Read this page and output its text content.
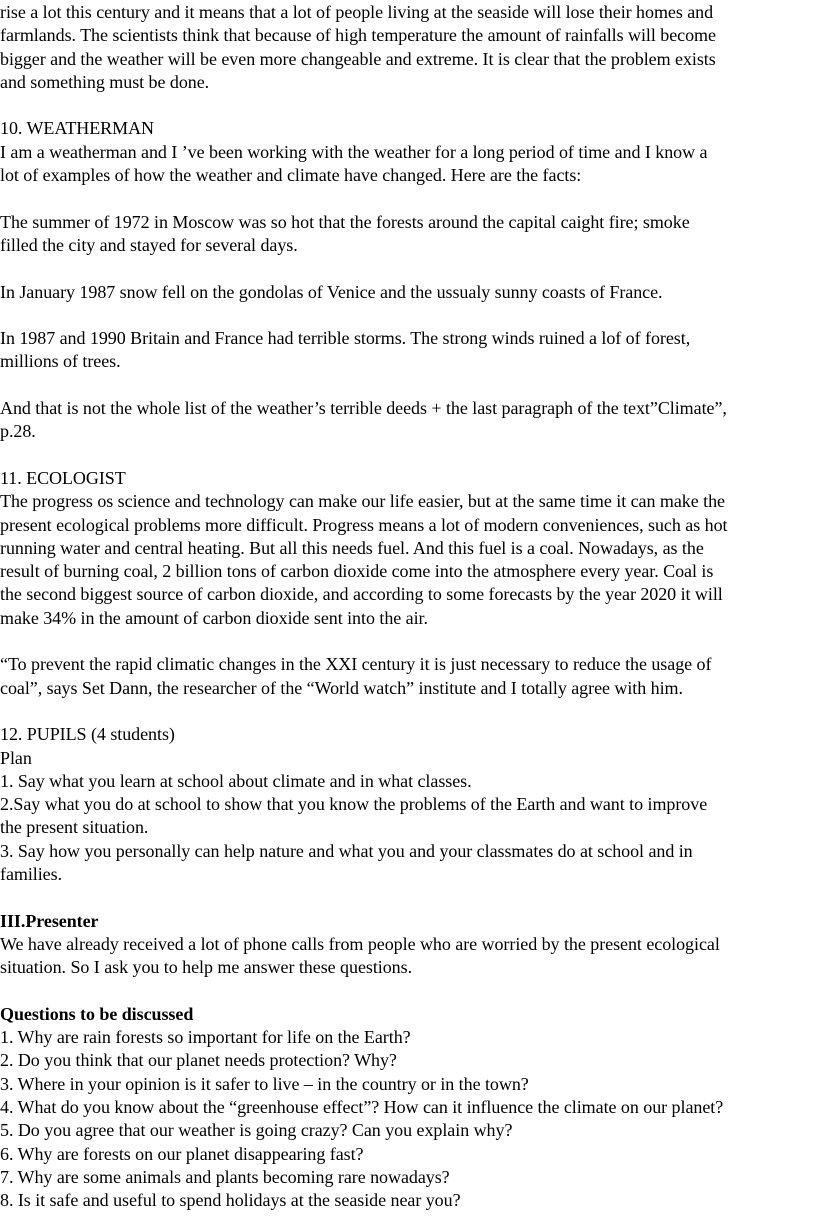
rise a lot this century and it means that a lot of people living at the seaside will lose their homes and
farmlands. The scientists think that because of high temperature the amount of rainfalls will become
bigger and the weather will be even more changeable and extreme. It is clear that the problem exists
and something must be done.
10. WEATHERMAN
I am a weatherman and I ’ve been working with the weather for a long period of time and I know a
lot of examples of how the weather and climate have changed. Here are the facts:
The summer of 1972 in Moscow was so hot that the forests around the capital caight fire; smoke
filled the city and stayed for several days.
In January 1987 snow fell on the gondolas of Venice and the ussualy sunny coasts of France.
In 1987 and 1990 Britain and France had terrible storms. The strong winds ruined a lof of forest,
millions of trees.
And that is not the whole list of the weather’s terrible deeds + the last paragraph of the text”Climate”,
p.28.
11. ECOLOGIST
The progress os science and technology can make our life easier, but at the same time it can make the
present ecological problems more difficult. Progress means a lot of modern conveniences, such as hot
running water and central heating. But all this needs fuel. And this fuel is a coal. Nowadays, as the
result of burning coal, 2 billion tons of carbon dioxide come into the atmosphere every year. Coal is
the second biggest source of carbon dioxide, and according to some forecasts by the year 2020 it will
make 34% in the amount of carbon dioxide sent into the air.
“To prevent the rapid climatic changes in the XXI century it is just necessary to reduce the usage of
coal”, says Set Dann, the researcher of the “World watch” institute and I totally agree with him.
12. PUPILS (4 students)
Plan
1. Say what you learn at school about climate and in what classes.
2.Say what you do at school to show that you know the problems of the Earth and want to improve
the present situation.
3. Say how you personally can help nature and what you and your classmates do at school and in
families.
III.Presenter
We have already received a lot of phone calls from people who are worried by the present ecological
situation. So I ask you to help me answer these questions.
Questions to be discussed
1. Why are rain forests so important for life on the Earth?
2. Do you think that our planet needs protection? Why?
3. Where in your opinion is it safer to live – in the country or in the town?
4. What do you know about the “greenhouse effect”? How can it influence the climate on our planet?
5. Do you agree that our weather is going crazy? Can you explain why?
6. Why are forests on our planet disappearing fast?
7. Why are some animals and plants becoming rare nowadays?
8. Is it safe and useful to spend holidays at the seaside near you?
